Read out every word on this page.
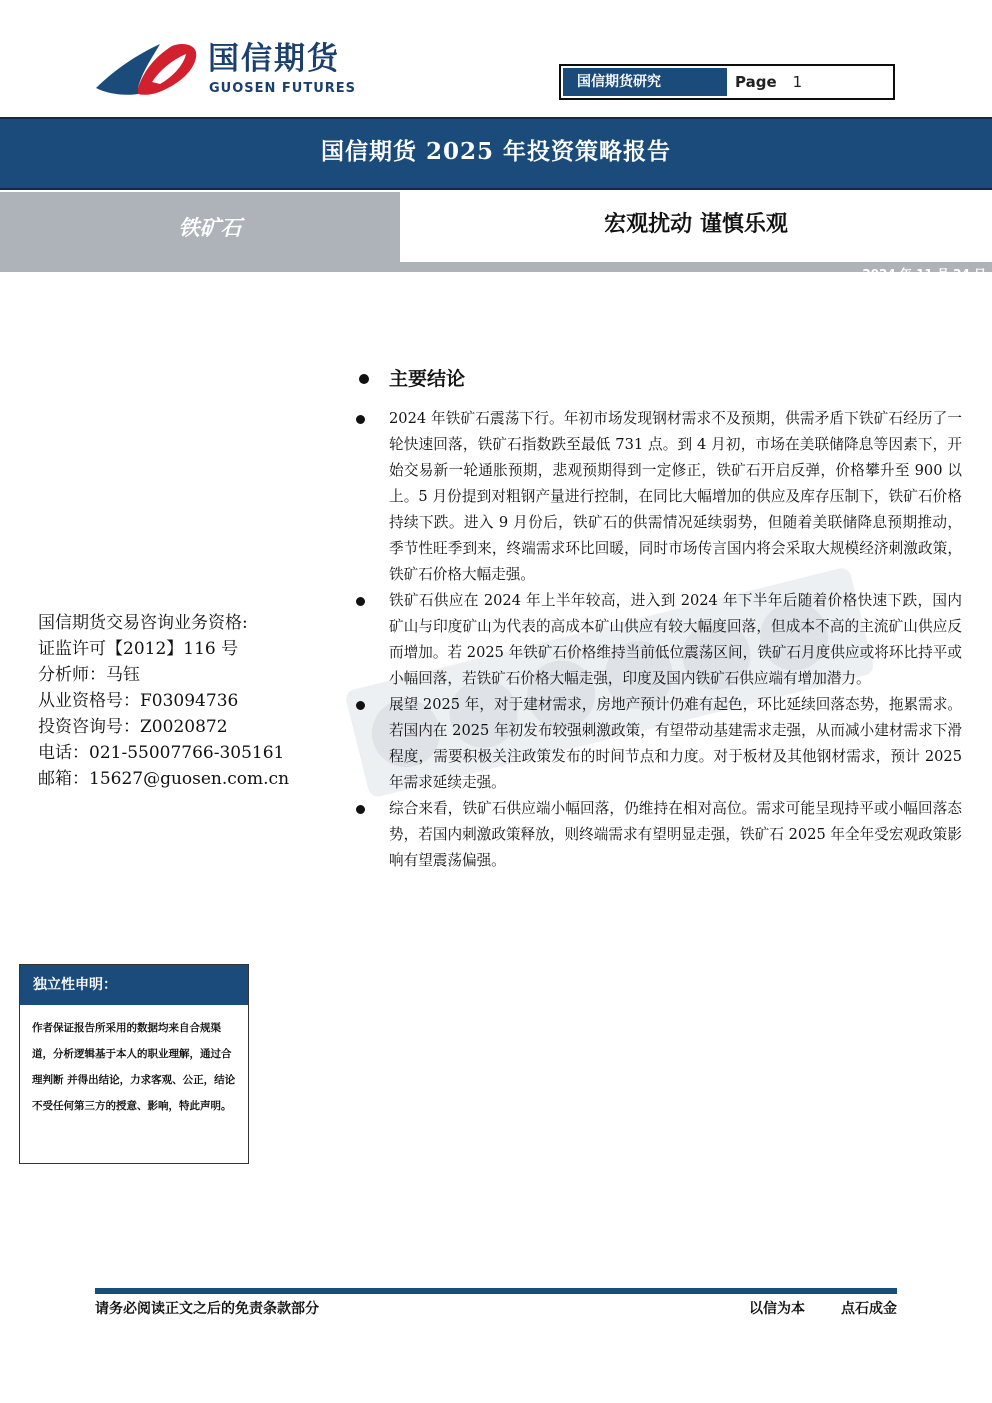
国信期货
GUOSEN FUTURES	国信期货研究	Page 1
国信期货 2025 年投资策略报告
铁矿石	宏观扰动 谨慎乐观
2024 年 11 月 24 日
主要结论

2024 年铁矿石震荡下行。年初市场发现钢材需求不及预期，供需矛盾下铁矿石经历了一轮快速回落，铁矿石指数跌至最低 731 点。到 4 月初，市场在美联储降息等因素下，开始交易新一轮通胀预期，悲观预期得到一定修正，铁矿石开启反弹，价格攀升至 900 以上。5 月份提到对粗钢产量进行控制，在同比大幅增加的供应及库存压制下，铁矿石价格持续下跌。进入 9 月份后，铁矿石的供需情况延续弱势，但随着美联储降息预期推动，季节性旺季到来，终端需求环比回暖，同时市场传言国内将会采取大规模经济刺激政策，铁矿石价格大幅走强。

铁矿石供应在 2024 年上半年较高，进入到 2024 年下半年后随着价格快速下跌，国内矿山与印度矿山为代表的高成本矿山供应有较大幅度回落，但成本不高的主流矿山供应反而增加。若 2025 年铁矿石价格维持当前低位震荡区间，铁矿石月度供应或将环比持平或小幅回落，若铁矿石价格大幅走强，印度及国内铁矿石供应端有增加潜力。

展望 2025 年，对于建材需求，房地产预计仍难有起色，环比延续回落态势，拖累需求。若国内在 2025 年初发布较强刺激政策，有望带动基建需求走强，从而减小建材需求下滑程度，需要积极关注政策发布的时间节点和力度。对于板材及其他钢材需求，预计 2025 年需求延续走强。

综合来看，铁矿石供应端小幅回落，仍维持在相对高位。需求可能呈现持平或小幅回落态势，若国内刺激政策释放，则终端需求有望明显走强，铁矿石 2025 年全年受宏观政策影响有望震荡偏强。

国信期货交易咨询业务资格:
证监许可【2012】116 号
分析师：马钰
从业资格号：F03094736
投资咨询号：Z0020872
电话：021-55007766-305161
邮箱：15627@guosen.com.cn
独立性申明：
作者保证报告所采用的数据均来自合规渠道，分析逻辑基于本人的职业理解，通过合理判断 并得出结论，力求客观、公正，结论不受任何第三方的授意、影响，特此声明。
请务必阅读正文之后的免责条款部分	以信为本	点石成金
